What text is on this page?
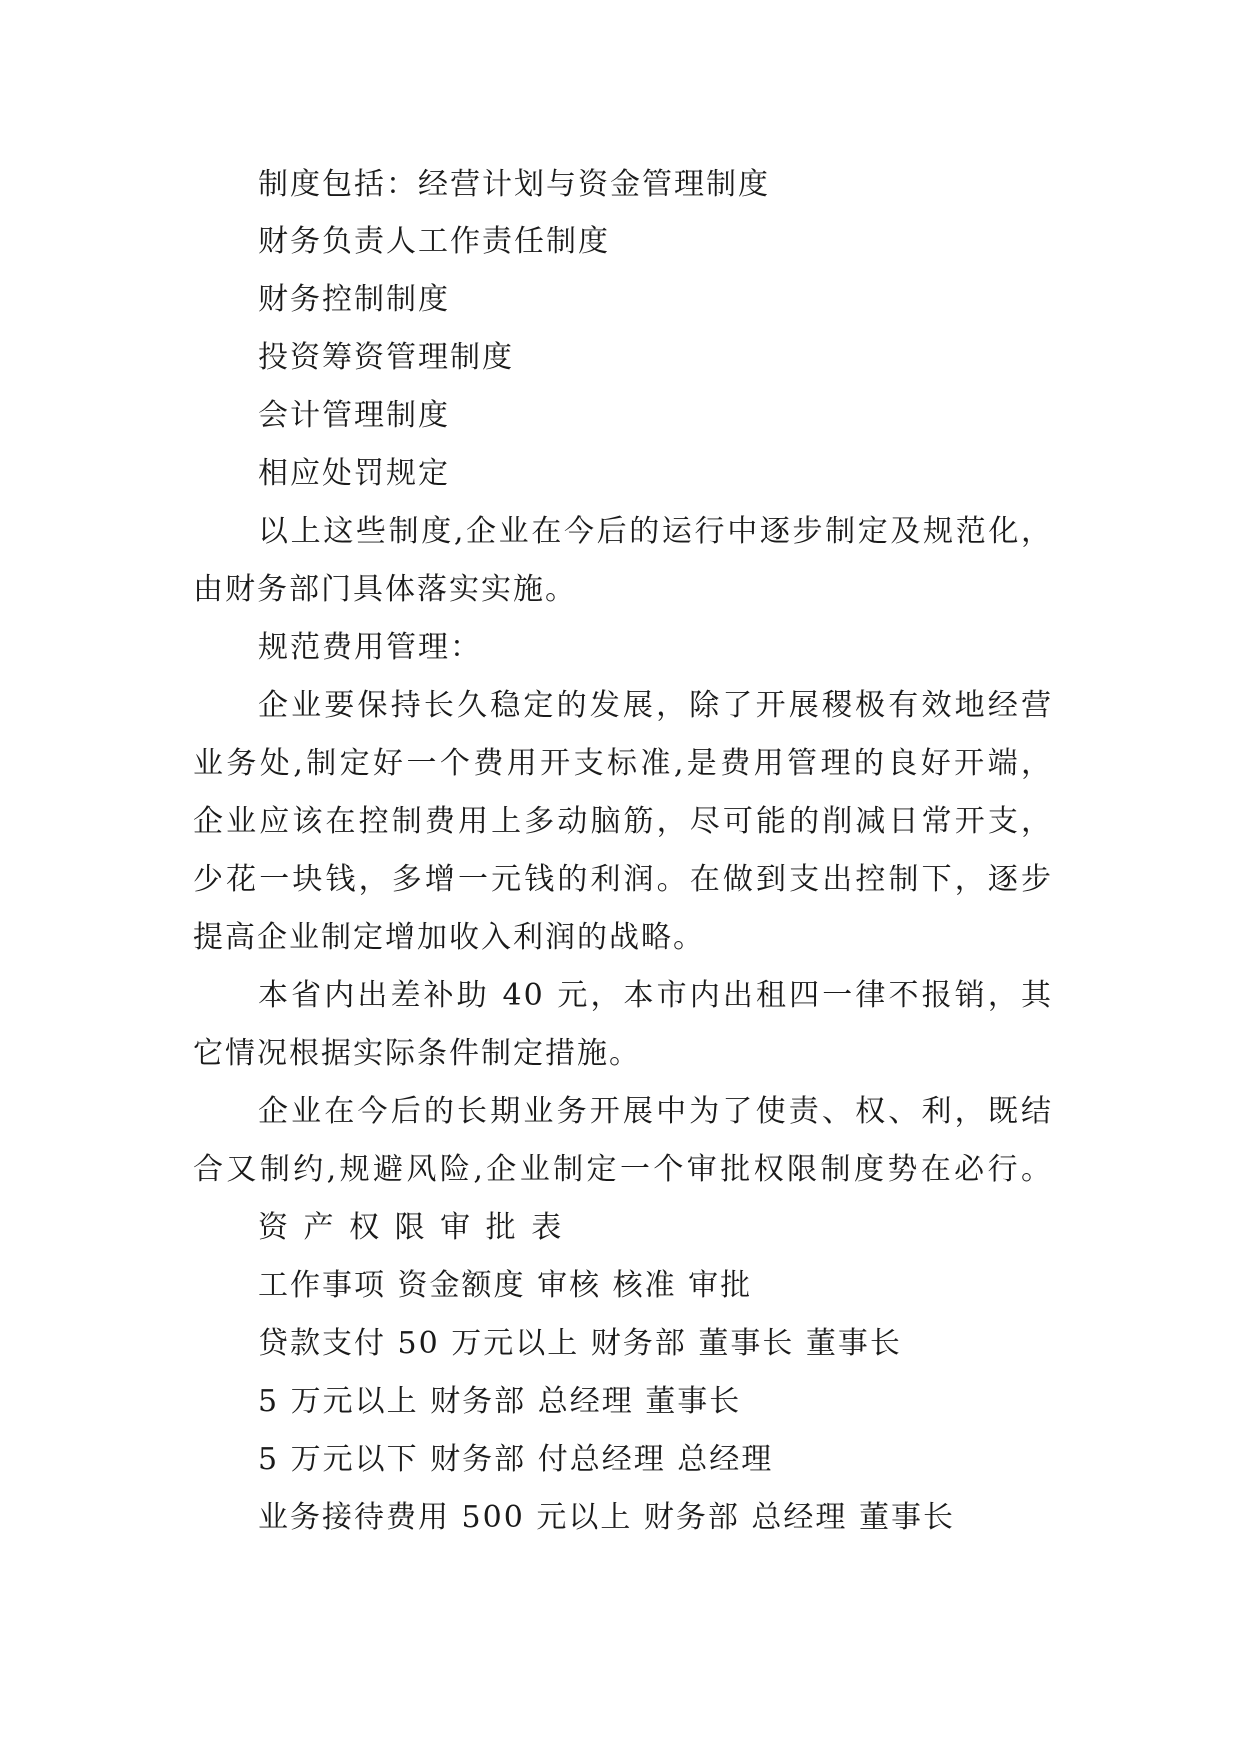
制度包括：经营计划与资金管理制度
财务负责人工作责任制度
财务控制制度
投资筹资管理制度
会计管理制度
相应处罚规定
以上这些制度,企业在今后的运行中逐步制定及规范化，
由财务部门具体落实实施。
规范费用管理：
企业要保持长久稳定的发展，除了开展稷极有效地经营
业务处,制定好一个费用开支标准,是费用管理的良好开端，
企业应该在控制费用上多动脑筋，尽可能的削减日常开支，
少花一块钱，多增一元钱的利润。在做到支出控制下，逐步
提高企业制定增加收入利润的战略。
本省内出差补助 40 元，本市内出租四一律不报销，其
它情况根据实际条件制定措施。
企业在今后的长期业务开展中为了使责、权、利，既结
合又制约,规避风险,企业制定一个审批权限制度势在必行。
资 产 权 限 审 批 表
工作事项 资金额度 审核 核准 审批
贷款支付 50 万元以上 财务部 董事长 董事长
5 万元以上 财务部 总经理 董事长
5 万元以下 财务部 付总经理 总经理
业务接待费用 500 元以上 财务部 总经理 董事长
